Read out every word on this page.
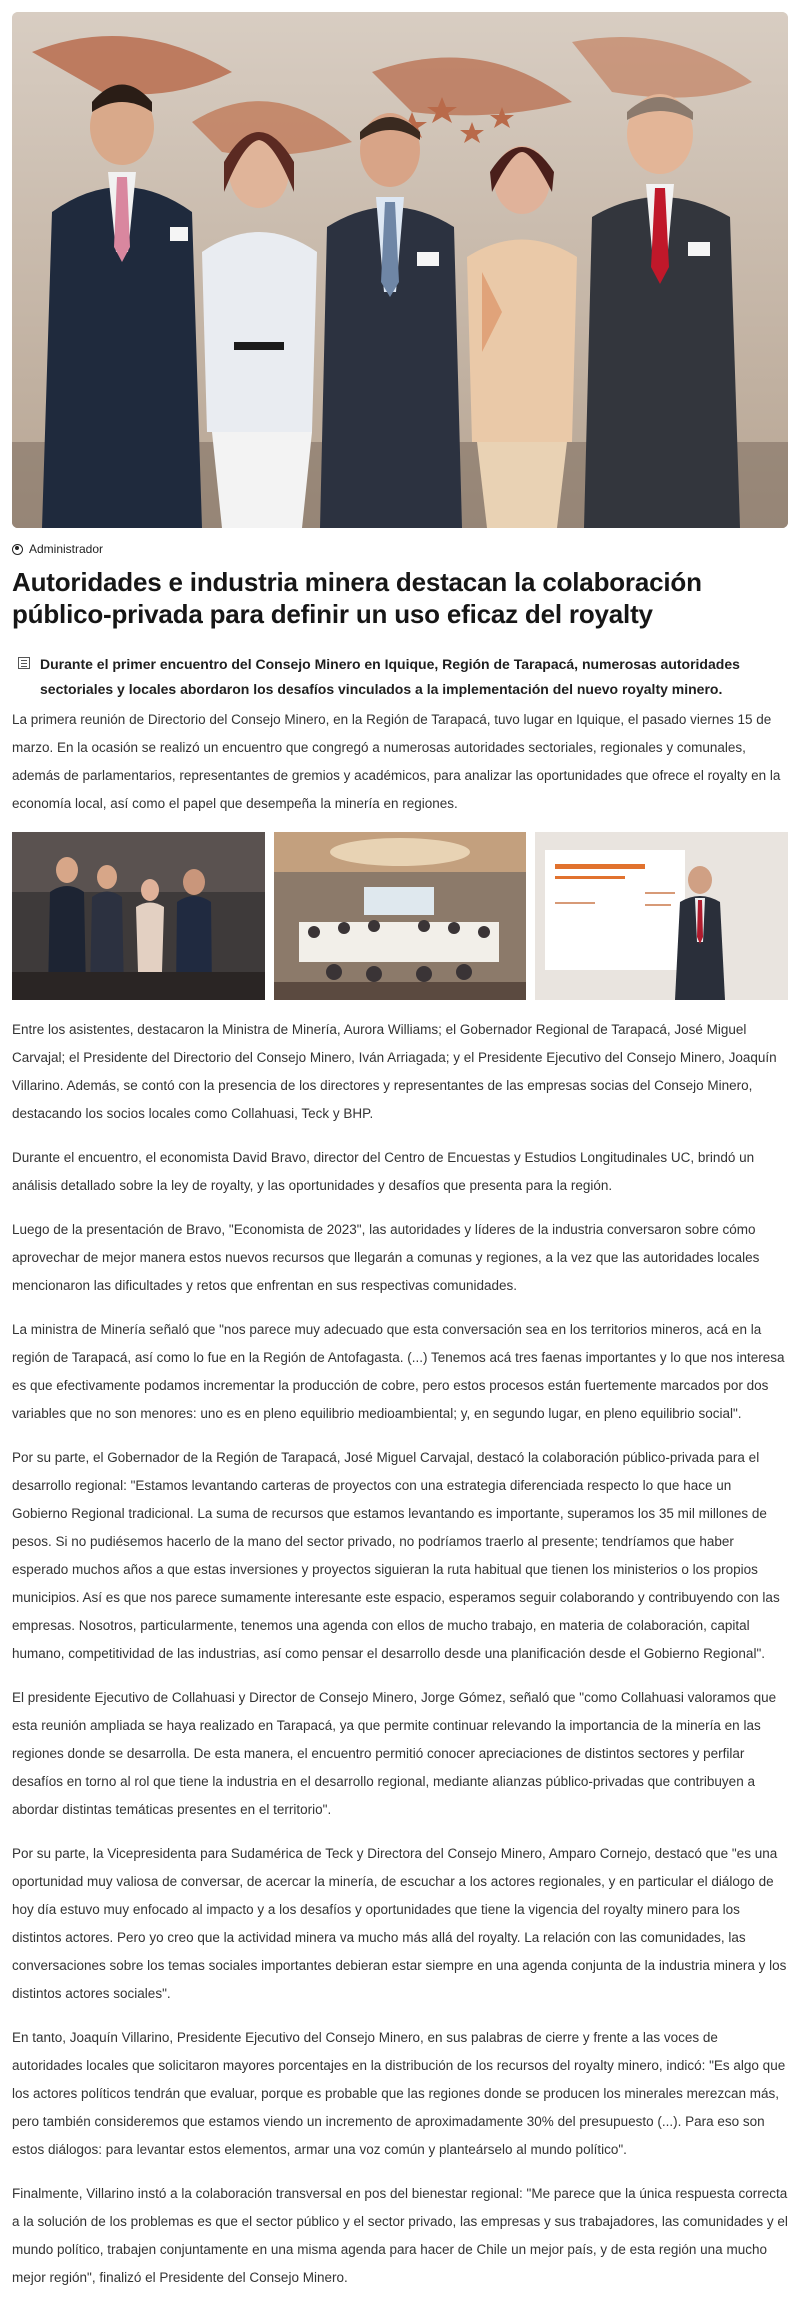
Administrador
Autoridades e industria minera destacan la colaboración público-privada para definir un uso eficaz del royalty

Durante el primer encuentro del Consejo Minero en Iquique, Región de Tarapacá, numerosas autoridades sectoriales y locales abordaron los desafíos vinculados a la implementación del nuevo royalty minero.

La primera reunión de Directorio del Consejo Minero, en la Región de Tarapacá, tuvo lugar en Iquique, el pasado viernes 15 de marzo. En la ocasión se realizó un encuentro que congregó a numerosas autoridades sectoriales, regionales y comunales, además de parlamentarios, representantes de gremios y académicos, para analizar las oportunidades que ofrece el royalty en la economía local, así como el papel que desempeña la minería en regiones.

Entre los asistentes, destacaron la Ministra de Minería, Aurora Williams; el Gobernador Regional de Tarapacá, José Miguel Carvajal; el Presidente del Directorio del Consejo Minero, Iván Arriagada; y el Presidente Ejecutivo del Consejo Minero, Joaquín Villarino. Además, se contó con la presencia de los directores y representantes de las empresas socias del Consejo Minero, destacando los socios locales como Collahuasi, Teck y BHP.

Durante el encuentro, el economista David Bravo, director del Centro de Encuestas y Estudios Longitudinales UC, brindó un análisis detallado sobre la ley de royalty, y las oportunidades y desafíos que presenta para la región.

Luego de la presentación de Bravo, "Economista de 2023", las autoridades y líderes de la industria conversaron sobre cómo aprovechar de mejor manera estos nuevos recursos que llegarán a comunas y regiones, a la vez que las autoridades locales mencionaron las dificultades y retos que enfrentan en sus respectivas comunidades.

La ministra de Minería señaló que "nos parece muy adecuado que esta conversación sea en los territorios mineros, acá en la región de Tarapacá, así como lo fue en la Región de Antofagasta. (...) Tenemos acá tres faenas importantes y lo que nos interesa es que efectivamente podamos incrementar la producción de cobre, pero estos procesos están fuertemente marcados por dos variables que no son menores: uno es en pleno equilibrio medioambiental; y, en segundo lugar, en pleno equilibrio social".

Por su parte, el Gobernador de la Región de Tarapacá, José Miguel Carvajal, destacó la colaboración público-privada para el desarrollo regional: "Estamos levantando carteras de proyectos con una estrategia diferenciada respecto lo que hace un Gobierno Regional tradicional. La suma de recursos que estamos levantando es importante, superamos los 35 mil millones de pesos. Si no pudiésemos hacerlo de la mano del sector privado, no podríamos traerlo al presente; tendríamos que haber esperado muchos años a que estas inversiones y proyectos siguieran la ruta habitual que tienen los ministerios o los propios municipios. Así es que nos parece sumamente interesante este espacio, esperamos seguir colaborando y contribuyendo con las empresas. Nosotros, particularmente, tenemos una agenda con ellos de mucho trabajo, en materia de colaboración, capital humano, competitividad de las industrias, así como pensar el desarrollo desde una planificación desde el Gobierno Regional".

El presidente Ejecutivo de Collahuasi y Director de Consejo Minero, Jorge Gómez, señaló que "como Collahuasi valoramos que esta reunión ampliada se haya realizado en Tarapacá, ya que permite continuar relevando la importancia de la minería en las regiones donde se desarrolla. De esta manera, el encuentro permitió conocer apreciaciones de distintos sectores y perfilar desafíos en torno al rol que tiene la industria en el desarrollo regional, mediante alianzas público-privadas que contribuyen a abordar distintas temáticas presentes en el territorio".

Por su parte, la Vicepresidenta para Sudamérica de Teck y Directora del Consejo Minero, Amparo Cornejo, destacó que "es una oportunidad muy valiosa de conversar, de acercar la minería, de escuchar a los actores regionales, y en particular el diálogo de hoy día estuvo muy enfocado al impacto y a los desafíos y oportunidades que tiene la vigencia del royalty minero para los distintos actores. Pero yo creo que la actividad minera va mucho más allá del royalty. La relación con las comunidades, las conversaciones sobre los temas sociales importantes debieran estar siempre en una agenda conjunta de la industria minera y los distintos actores sociales".

En tanto, Joaquín Villarino, Presidente Ejecutivo del Consejo Minero, en sus palabras de cierre y frente a las voces de autoridades locales que solicitaron mayores porcentajes en la distribución de los recursos del royalty minero, indicó: "Es algo que los actores políticos tendrán que evaluar, porque es probable que las regiones donde se producen los minerales merezcan más, pero también consideremos que estamos viendo un incremento de aproximadamente 30% del presupuesto (...). Para eso son estos diálogos: para levantar estos elementos, armar una voz común y planteárselo al mundo político".

Finalmente, Villarino instó a la colaboración transversal en pos del bienestar regional: "Me parece que la única respuesta correcta a la solución de los problemas es que el sector público y el sector privado, las empresas y sus trabajadores, las comunidades y el mundo político, trabajen conjuntamente en una misma agenda para hacer de Chile un mejor país, y de esta región una mucho mejor región", finalizó el Presidente del Consejo Minero.
